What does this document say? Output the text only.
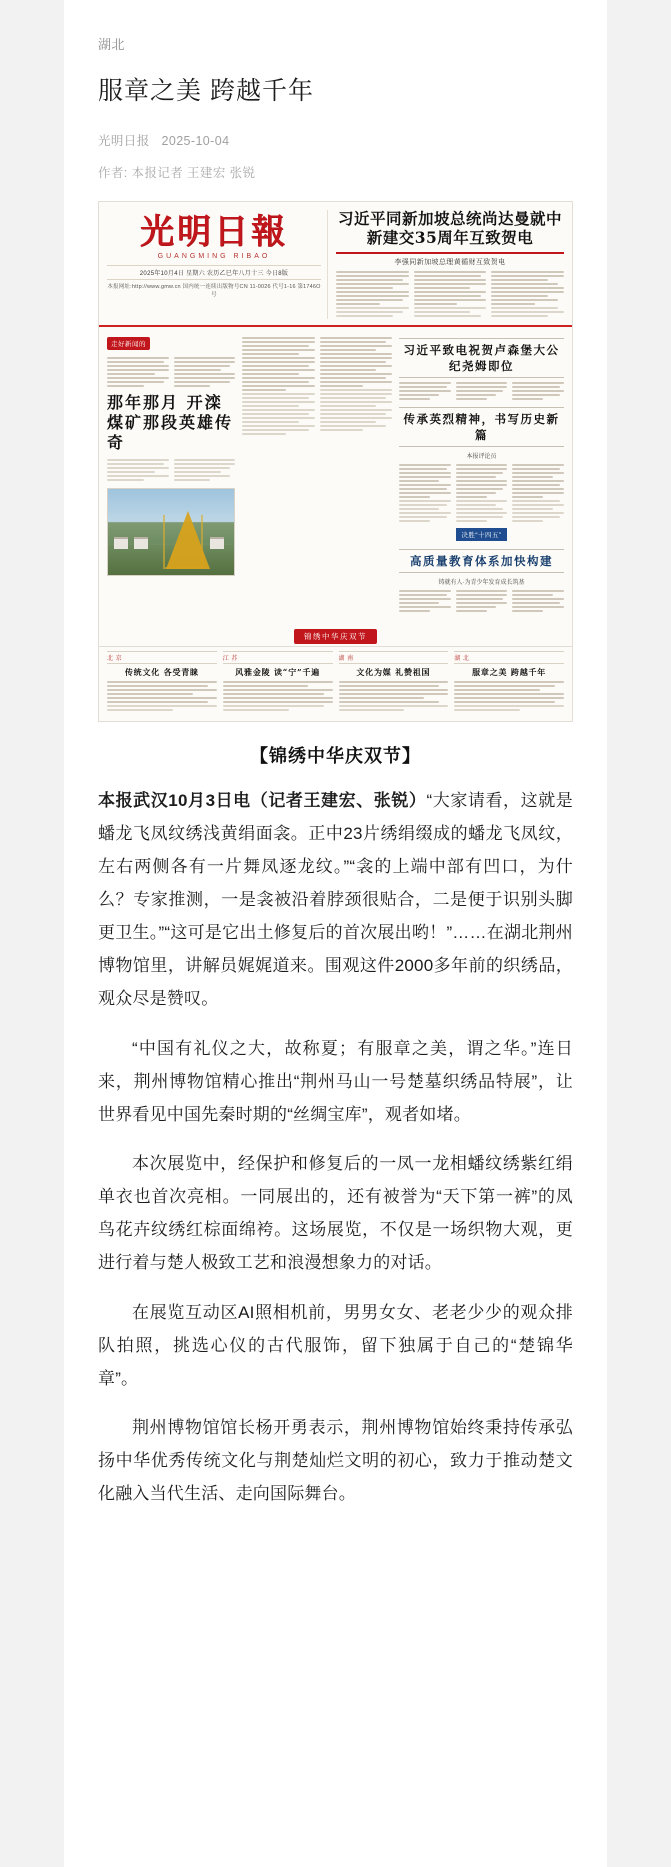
湖北
服章之美 跨越千年
光明日报 2025-10-04
作者: 本报记者 王建宏 张锐
光明日報
GUANGMING RIBAO
2025年10月4日 星期六 农历乙巳年八月十三 今日8版
本报网址:http://www.gmw.cn 国内统一连续出版物号CN 11-0026 代号1-16 第1746O号
习近平同新加坡总统尚达曼就中新建交35周年互致贺电
李强同新加坡总理黄循财互致贺电
走好新闻的
那年那月 开滦煤矿那段英雄传奇
习近平致电祝贺卢森堡大公纪尧姆即位
传承英烈精神，书写历史新篇
本报评论员
决胜“十四五”
高质量教育体系加快构建
铸就有人·为青少年发育成长筑基
锦绣中华庆双节
北 京
传统文化 各受青睐
江 苏
风雅金陵 读“宁”千遍
湖 南
文化为媒 礼赞祖国
湖 北
服章之美 跨越千年
【锦绣中华庆双节】

本报武汉10月3日电（记者王建宏、张锐）“大家请看，这就是蟠龙飞凤纹绣浅黄绢面衾。正中23片绣绢缀成的蟠龙飞凤纹，左右两侧各有一片舞凤逐龙纹。”“衾的上端中部有凹口，为什么？专家推测，一是衾被沿着脖颈很贴合，二是便于识别头脚更卫生。”“这可是它出土修复后的首次展出哟！”……在湖北荆州博物馆里，讲解员娓娓道来。围观这件2000多年前的织绣品，观众尽是赞叹。

“中国有礼仪之大，故称夏；有服章之美，谓之华。”连日来，荆州博物馆精心推出“荆州马山一号楚墓织绣品特展”，让世界看见中国先秦时期的“丝绸宝库”，观者如堵。

本次展览中，经保护和修复后的一凤一龙相蟠纹绣紫红绢单衣也首次亮相。一同展出的，还有被誉为“天下第一裤”的凤鸟花卉纹绣红棕面绵袴。这场展览，不仅是一场织物大观，更进行着与楚人极致工艺和浪漫想象力的对话。

在展览互动区AI照相机前，男男女女、老老少少的观众排队拍照，挑选心仪的古代服饰，留下独属于自己的“楚锦华章”。

荆州博物馆馆长杨开勇表示，荆州博物馆始终秉持传承弘扬中华优秀传统文化与荆楚灿烂文明的初心，致力于推动楚文化融入当代生活、走向国际舞台。
